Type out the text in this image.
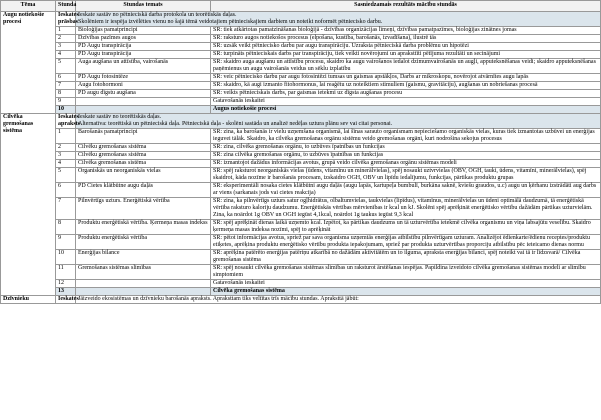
Tēma	Stunda	Stundas temats	Sasniedzamais rezultāts mācību stundās
Augu notiekošie procesi	Ieskates prāsbas	Ieskate sastāv no pētnieciskā darba protokola un teorētiskās daļas.
Skolēniem ir iespēja izvēlēties vienu no šajā tēmā veidotajiem pētnieciskajiem darbiem un noteikt noformēt pētniecisko darbu.	

	1	Bioloģijas pamatprincipi	SR: tiek atkārtotas pamatzināšanas bioloģijā - dzīvības organizācijas līmeņi, dzīvības pamatpazīmes, bioloģijas zinātnes jomas
	2	Dzīvības pazīmes augos	SR: raksturo augos notiekošos procesus (elpošana, kustība, barošanās, izvadīšana), ilustrē tās
	3	PD Augu transpirācija	SR: uzsāk veikt pētniecisko darbu par augu transpirāciju. Uzraksta pētnieciskā darba problēmu un hipotēzi
	4	PD Augu transpirācija	SR: turpināts pētnieciskais darbs par transpirāciju, tiek veikti novērojumi un apraksttīti pētījuma rezultāti un secinājumi
	5	Auga augšana un attīstība, vairošanās	SR: skaidro auga augšanu un attīstību procesu, skaidro ka augu vairošanos iedalot dzimumvairošanās un augļi, apputeksnēšanas veidi; skaidro apputeksnēšanas paņēmienus un augu vairošanās veidus un sēklu izplatību
	6	PD Augu fotosintēze	SR: veic pētniecisko darbu par augu fotosintēzi tumsas un gaismas apstākļos, Darbs ar mikroskopu, novērojot atvārnītes augu lapās
	7	Augu fotohormoni	SR: skaidro, kā augi izmanto fitohormonus, lai reaģētu uz noteiktiem stimuliem (gaismu, gravitāciju), augšanas un nobriešanas procesā
	8	PD augu dīgstu augšana	SR: veikts pētnieciskais darbs, par gaismas ietekmi uz dīgsta augšanas procesu
	9		Gatavošanās ieskaitei
	10		Augus notiekošie procesi
Cilvēka gremošanas sistēma	Ieskates apraksts	Ieskate sastāv no teorētiskās daļas.
Alternatīva: teorētiskā un pētnieciskā daļa. Pētnieciskā daļa - skolēni sastāda un analizē nedēļas uztura plānu sev vai citai personai.	

	1	Barošanās pamatprincipi	SR: zina, ka barošanās ir vielu uzņemšana organismā, lai šīnas sarauto organismam nepieciešamo organiskās vielas, kuras tiek izmantotas uzbūvei un enerģijas ieguvei tālāk. Skaidro, ka cilvēka gremošanas orgānu sistēmu veido gremošanas orgāni, kuri nodrošina sekojus procesus
	2	Cilvēku gremošanas sistēma	SR: zina, cilvēka gremošanas orgānu, to uzbūves īpatnības un funkcijas
	3	Cilvēku gremošanas sistēma	SR: zina cilvēka gremošanas orgānu, to uzbūves īpatnības un funkcijas
	4	Cilvēka gremošanas sistēma	SR: izmantojot dažādus informācijas avotus, grupā veido cilvēka gremošanas orgānu sistēmas modeli
	5	Organiskās un neorganiskās vielas	SR: spēj raksturot neorganiskās vielas (ūdens, vitamīnu un minerālvielas), spēj nosaukt uztvrvielas (OBV, OGH, tauki, ūdens, vitamīni, minerālvielas), spēj skaidrot, kāda nozīme ir barošanās procesam, izskaidro OGH, OBV un lipīdu iedalījumu, funkcijas, pārtikas produktu grupas
	6	PD Cietes klātbūtne augu daļās	SR: eksperimentāli nosaka cietes klātbūtni augu daļās (augu lapās, kartupeļa bumbulī, burkāna saknē, kviešu graudos, u.c) augu un ķērhanu izstrādāti aug darbs ar viens (sarkanais jods vai cietes reakcija)
	7	Pilnvērtīgs uzturs. Enerģētiskā vērtība	SR: zina, ka pilnvērtīgs uzturs satur ogļhidrātus, olbaltumvielas, taukvielas (lipīdus), vitamīnus, minerālvielas un ūdeni optimālā daudzumā, tā enerģētiskā vērtība raksturo kaloriju daudzumu. Enerģētiskās vērtības mērvienības ir kcal un kJ. Skolēni spēj aprēķināt enerģētisko vērtību dažādām pārtikas uzturvielām. Zina, ka noārdot 1g OBV un OGH iegūst 4,1kcal, noārdot 1g taukus iegūst 9,3 kcal
	8	Produktu enerģētiskā vērtība. Ķermeņa masas indekss	SR: spēj aprēķināt dienas laikā uzņemto kcal. Izpētot, ka pārtikas daudzums un tā uzturvērtība ietekmē cilvēka organismu un viņa labsajūtu veselību. Skaidro ķermeņa masas indeksa nozīmi, spēj to aprēķināt
	9	Produktu enerģētiskā vērtība	SR: pētot informācijas avotus, spriež par sava organisma uzņemtās enerģijas atbilstību pilnvērtīgam uzturam. Analizējot ēdienkarte/ēdienu receptes/produktu etiķetes, aprēķina produktu enerģētisko vērtību produkta iepakojumam, spriež par produkta uzturvērtības proporciju atbilstību pēc ieteicamo dienas normu
	10	Enerģijas bilance	SR: aprēķina patērēto enerģijas patēriņu atkarībā no dažādām aktivitātēm un to ilguma, apraksta enerģijas bilanci, spēj noteikt vai tā ir līdzsvarā/ Cilvēka gremošanas sistēma
	11	Gremošanas sistēmas slimības	SR: spēj nosaukt cilvēka gremošanas sistēmas slimības un raksturot ārstēšanas iespējas. Papildina izveidoto cilvēka gremošanas sistēmas modeli ar slimību simptomiem
	12		Gatavošanās ieskaitei
	13		Cilvēka gremošanas sistēma
Dzīvnieku	Ieskates	Jāizveido ekosistēmas un dzīvnieku barošanās apraksts. Apraksttam tiks veltītas trīs mācību stundas. Apraksttā jābūt:	
